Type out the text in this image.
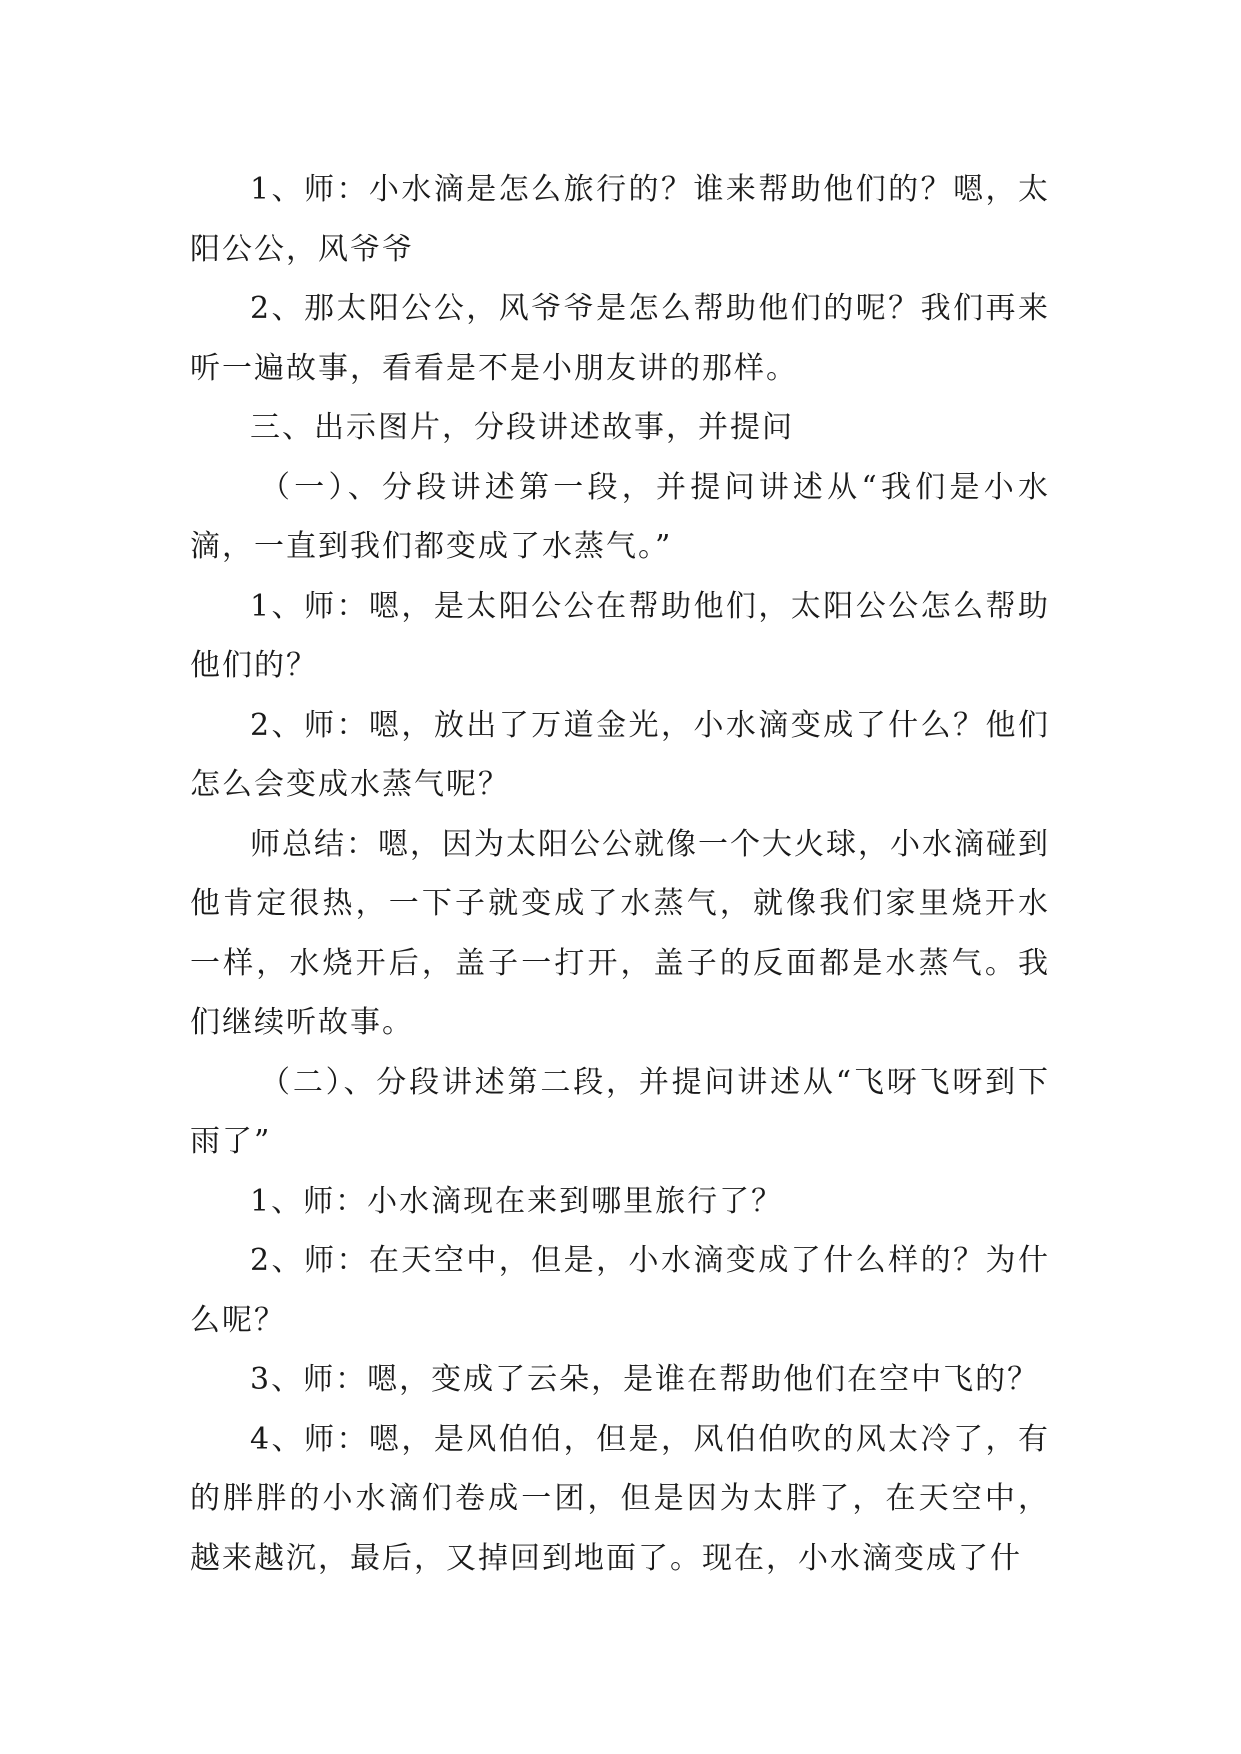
1、师：小水滴是怎么旅行的？谁来帮助他们的？嗯，太阳公公，风爷爷

2、那太阳公公，风爷爷是怎么帮助他们的呢？我们再来听一遍故事，看看是不是小朋友讲的那样。

三、出示图片，分段讲述故事，并提问

（一）、分段讲述第一段，并提问讲述从“我们是小水滴，一直到我们都变成了水蒸气。”

1、师：嗯，是太阳公公在帮助他们，太阳公公怎么帮助他们的？

2、师：嗯，放出了万道金光，小水滴变成了什么？他们怎么会变成水蒸气呢？

师总结：嗯，因为太阳公公就像一个大火球，小水滴碰到他肯定很热，一下子就变成了水蒸气，就像我们家里烧开水一样，水烧开后，盖子一打开，盖子的反面都是水蒸气。我们继续听故事。

（二）、分段讲述第二段，并提问讲述从“飞呀飞呀到下雨了”

1、师：小水滴现在来到哪里旅行了？

2、师：在天空中，但是，小水滴变成了什么样的？为什么呢？

3、师：嗯，变成了云朵，是谁在帮助他们在空中飞的？

4、师：嗯，是风伯伯，但是，风伯伯吹的风太冷了，有的胖胖的小水滴们卷成一团，但是因为太胖了，在天空中，越来越沉，最后，又掉回到地面了。现在，小水滴变成了什
